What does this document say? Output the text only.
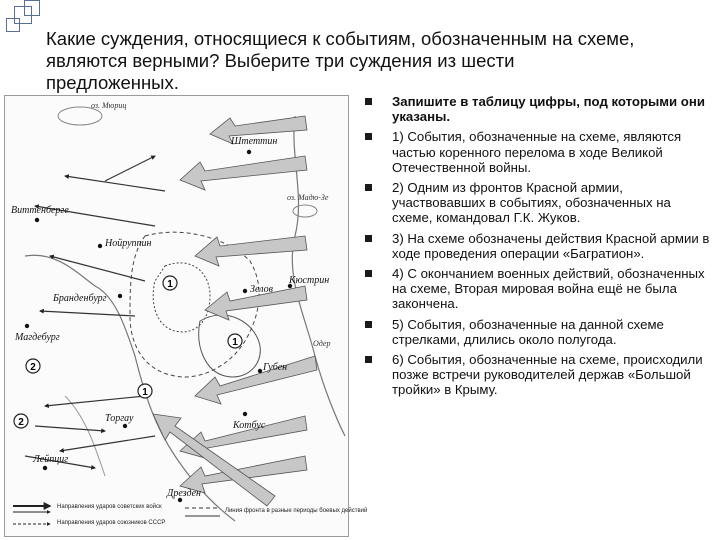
Какие суждения, относящиеся к событиям, обозначенным на схеме, являются верными? Выберите три суждения из шести предложенных.
1
2
2
1
1
Штеттин
Виттенберге
Нойруппин
Бранденбург
Зелов
Кюстрин
Магдебург
Губен
Котбус
Торгау
Лейпциг
Дрезден
оз. Мюриц
оз. Мадю-Зе
Одер
Направления ударов советских войск
Направления ударов союзников СССР
Линия фронта в разные периоды боевых действий
Запишите в таблицу цифры, под которыми они указаны.
1) События, обозначенные на схеме, являются частью коренного перелома в ходе Великой Отечественной войны.
2) Одним из фронтов Красной армии, участвовавших в событиях, обозначенных на схеме, командовал Г.К. Жуков.
3) На схеме обозначены действия Красной армии в ходе проведения операции «Багратион».
4) С окончанием военных действий, обозначенных на схеме, Вторая мировая война ещё не была закончена.
5) События, обозначенные на данной схеме стрелками, длились около полугода.
6) События, обозначенные на схеме, происходили позже встречи руководителей держав «Большой тройки» в Крыму.
